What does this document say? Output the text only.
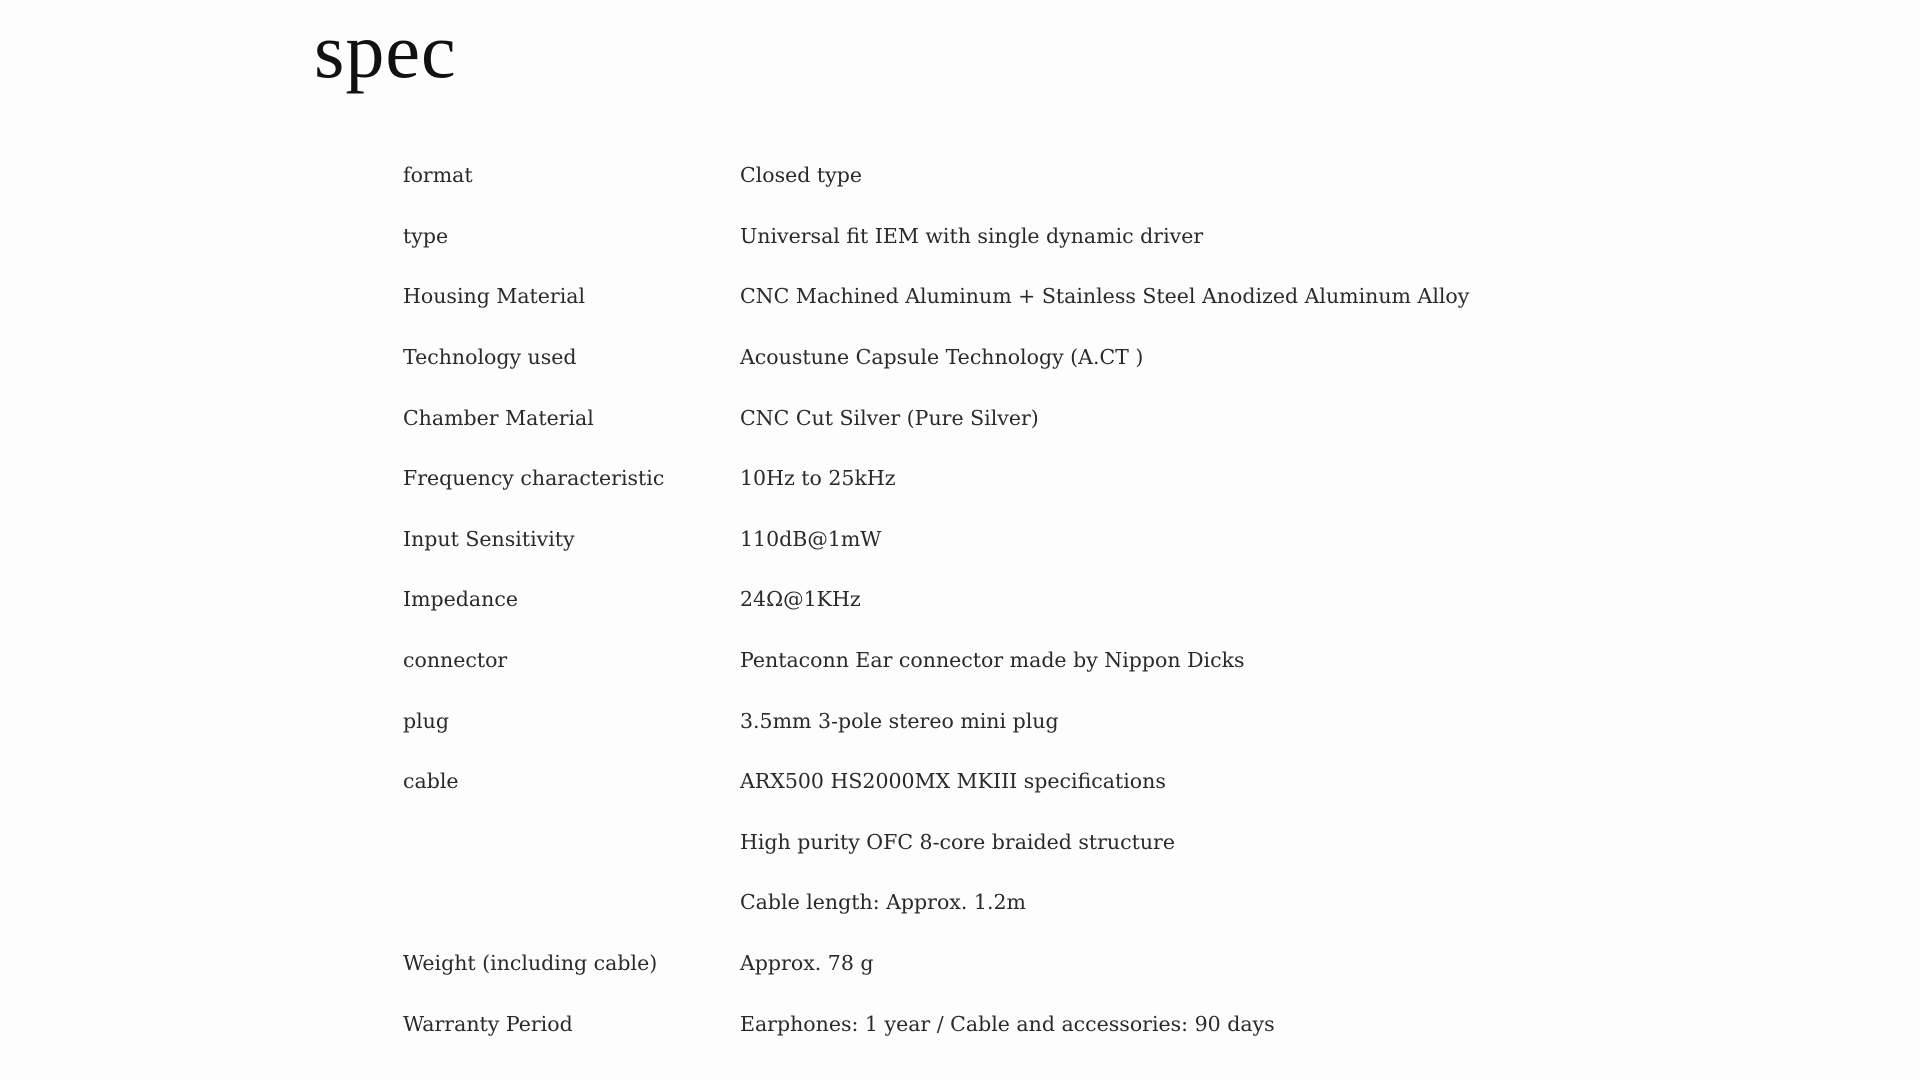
spec
format	Closed type
type	Universal fit IEM with single dynamic driver
Housing Material	CNC Machined Aluminum + Stainless Steel Anodized Aluminum Alloy
Technology used	Acoustune Capsule Technology (A.CT )
Chamber Material	CNC Cut Silver (Pure Silver)
Frequency characteristic	10Hz to 25kHz
Input Sensitivity	110dB@1mW
Impedance	24Ω@1KHz
connector	Pentaconn Ear connector made by Nippon Dicks
plug	3.5mm 3-pole stereo mini plug
cable	ARX500 HS2000MX MKIII specifications
	High purity OFC 8-core braided structure
	Cable length: Approx. 1.2m
Weight (including cable)	Approx. 78 g
Warranty Period	Earphones: 1 year / Cable and accessories: 90 days
